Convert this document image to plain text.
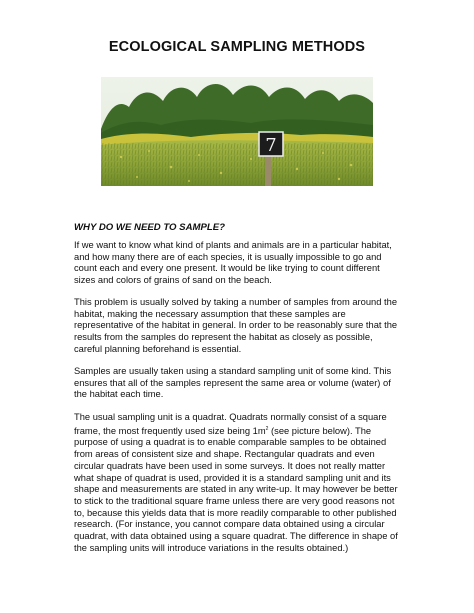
ECOLOGICAL SAMPLING METHODS
7

WHY DO WE NEED TO SAMPLE?

If we want to know what kind of plants and animals are in a particular habitat,
and how many there are of each species, it is usually impossible to go and
count each and every one present. It would be like trying to count different
sizes and colors of grains of sand on the beach.

This problem is usually solved by taking a number of samples from around the
habitat, making the necessary assumption that these samples are
representative of the habitat in general. In order to be reasonably sure that the
results from the samples do represent the habitat as closely as possible,
careful planning beforehand is essential.

Samples are usually taken using a standard sampling unit of some kind. This
ensures that all of the samples represent the same area or volume (water) of
the habitat each time.

The usual sampling unit is a quadrat. Quadrats normally consist of a square
frame, the most frequently used size being $1m^2$ (see picture below). The
purpose of using a quadrat is to enable comparable samples to be obtained
from areas of consistent size and shape. Rectangular quadrats and even
circular quadrats have been used in some surveys. It does not really matter
what shape of quadrat is used, provided it is a standard sampling unit and its
shape and measurements are stated in any write-up. It may however be better
to stick to the traditional square frame unless there are very good reasons not
to, because this yields data that is more readily comparable to other published
research. (For instance, you cannot compare data obtained using a circular
quadrat, with data obtained using a square quadrat. The difference in shape of
the sampling units will introduce variations in the results obtained.)
